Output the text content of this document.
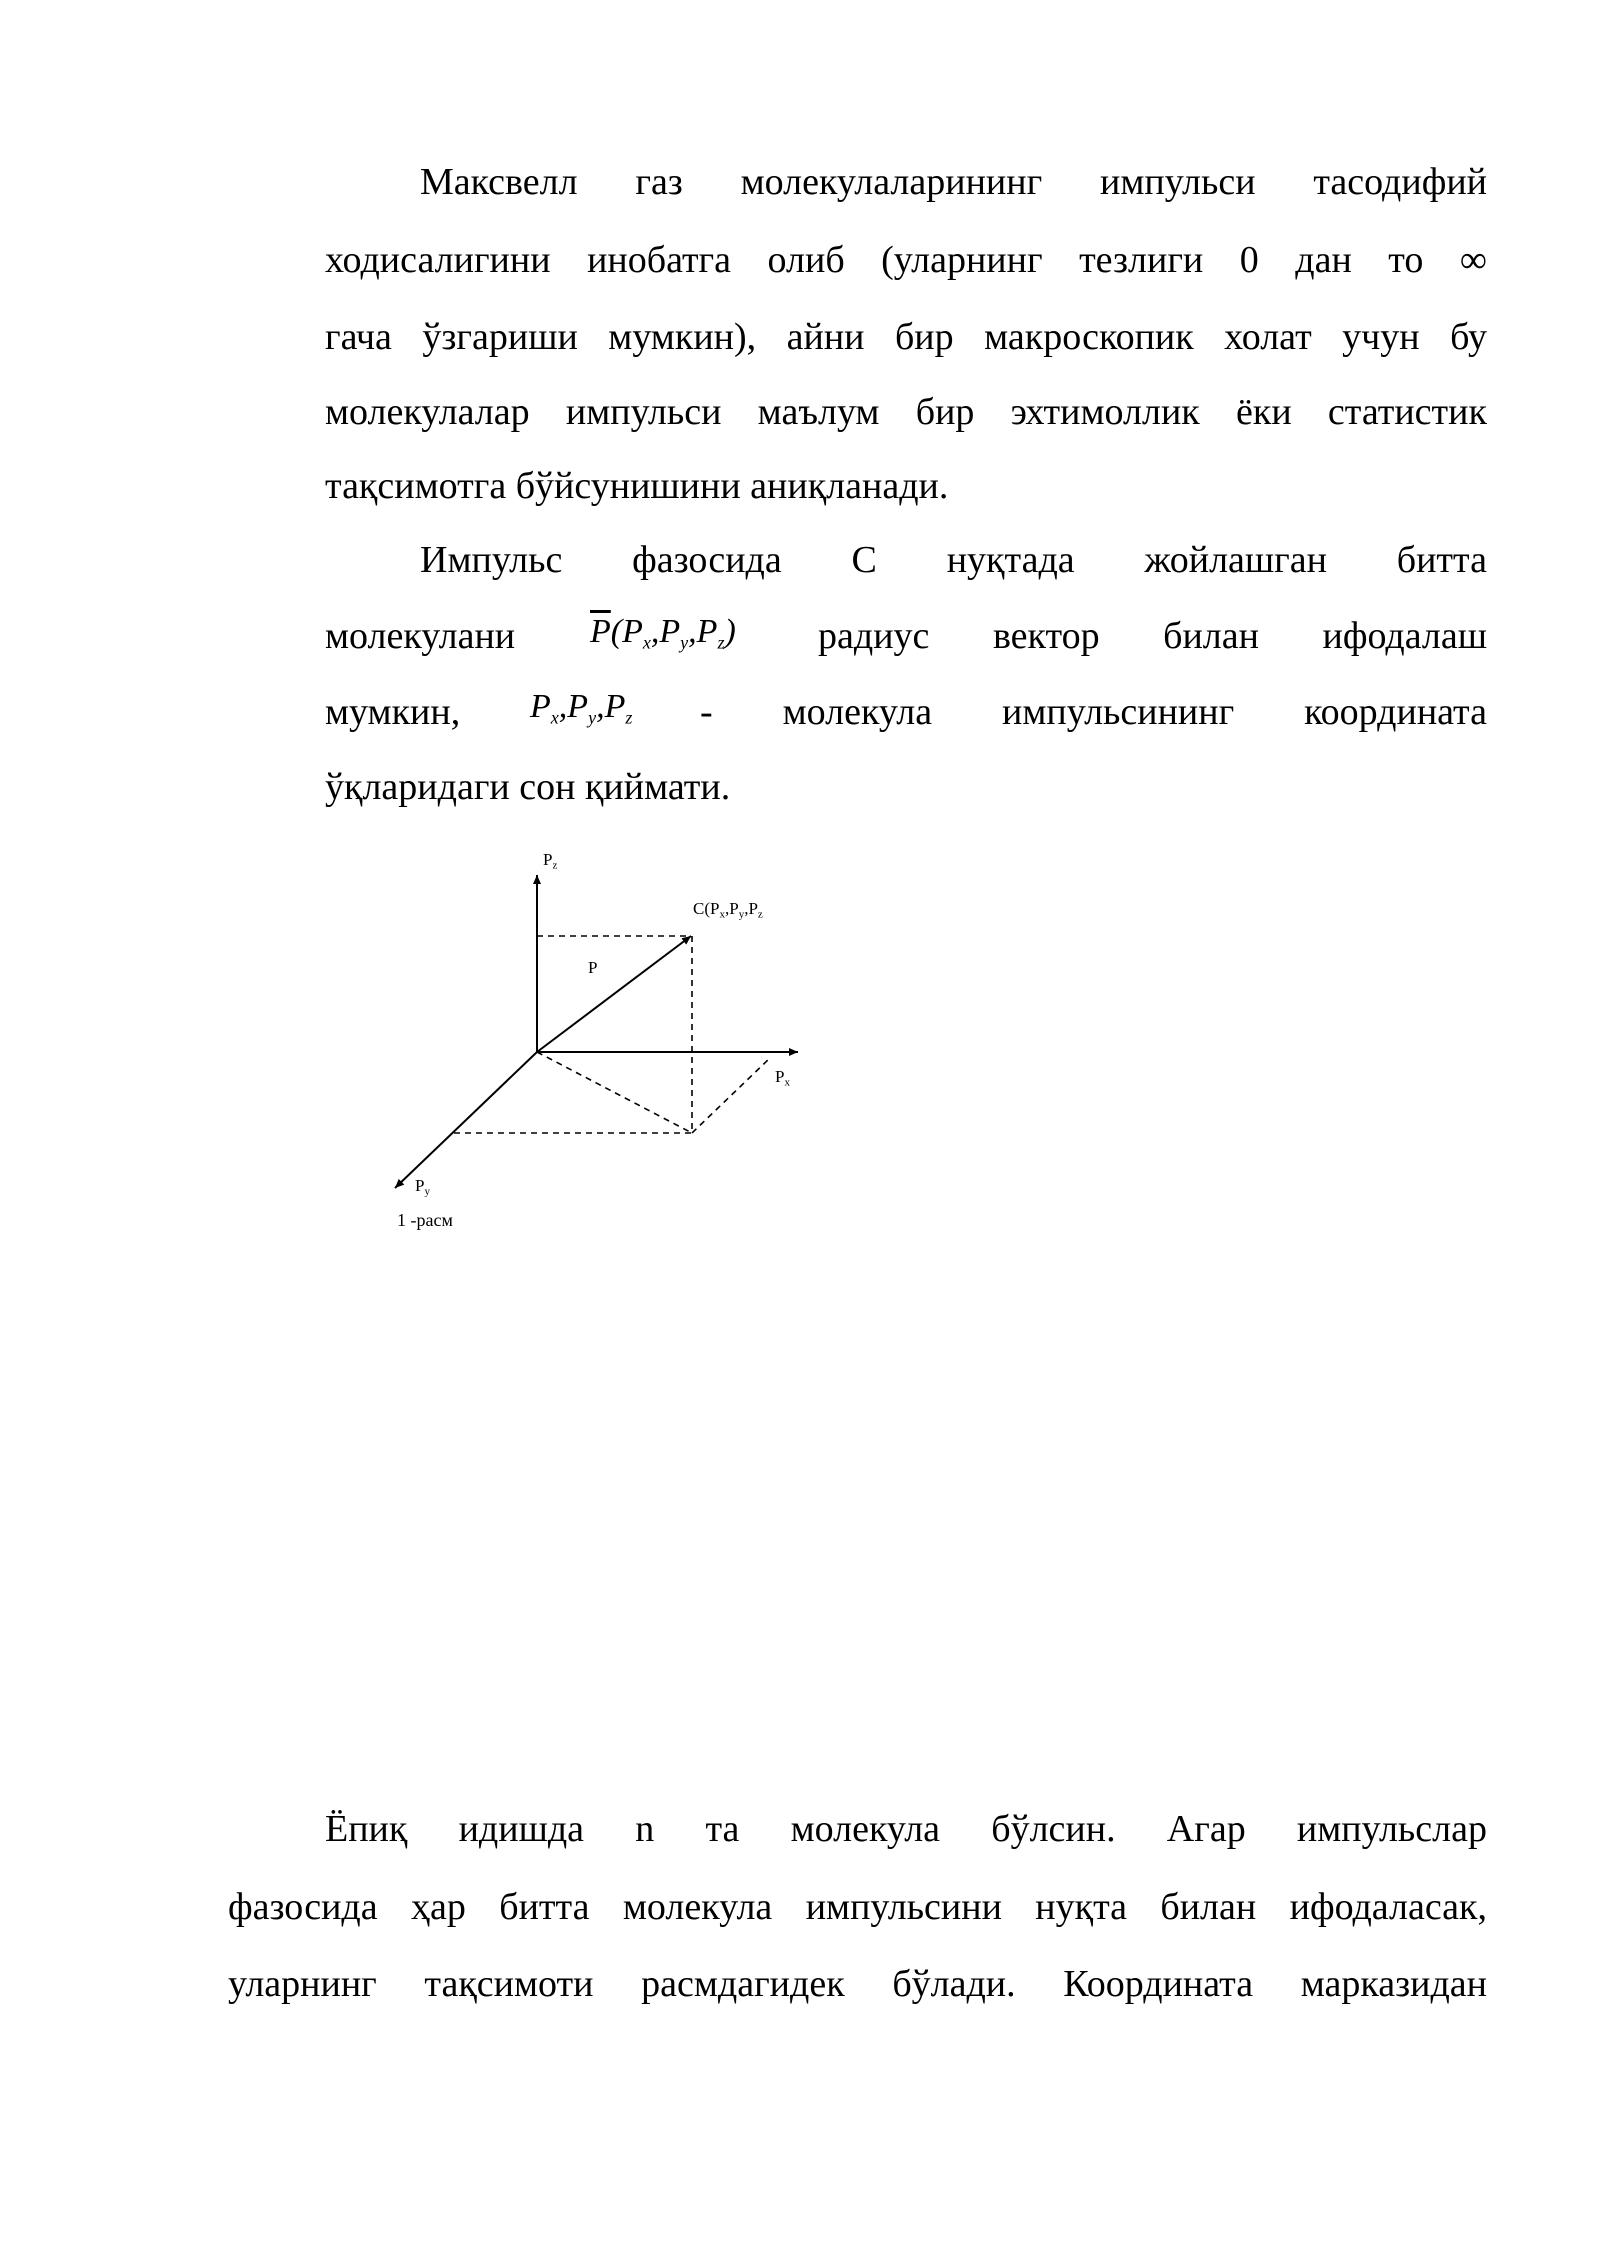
Максвелл газ молекулаларининг импульси тасодифий
ходисалигини инобатга олиб (уларнинг тезлиги 0 дан то ∞
гача ўзгариши мумкин), айни бир макроскопик холат учун бу
молекулалар импульси маълум бир эхтимоллик ёки статистик
тақсимотга бўйсунишини аниқланади.
Импульс фазосида С нуқтада жойлашган битта
молекулани $\overline{P}(P_x,P_y,P_z)$ радиус вектор билан ифодалаш
мумкин, $P_x,P_y,P_z$ - молекула импульсининг координата
ўқларидаги сон қиймати.
$P_z$
$C(P_x,P_y,P_z$
P
$P_x$
$P_y$
1 -расм
Ёпиқ идишда n та молекула бўлсин. Агар импульслар
фазосида ҳар битта молекула импульсини нуқта билан ифодаласак,
уларнинг тақсимоти расмдагидек бўлади. Координата марказидан
